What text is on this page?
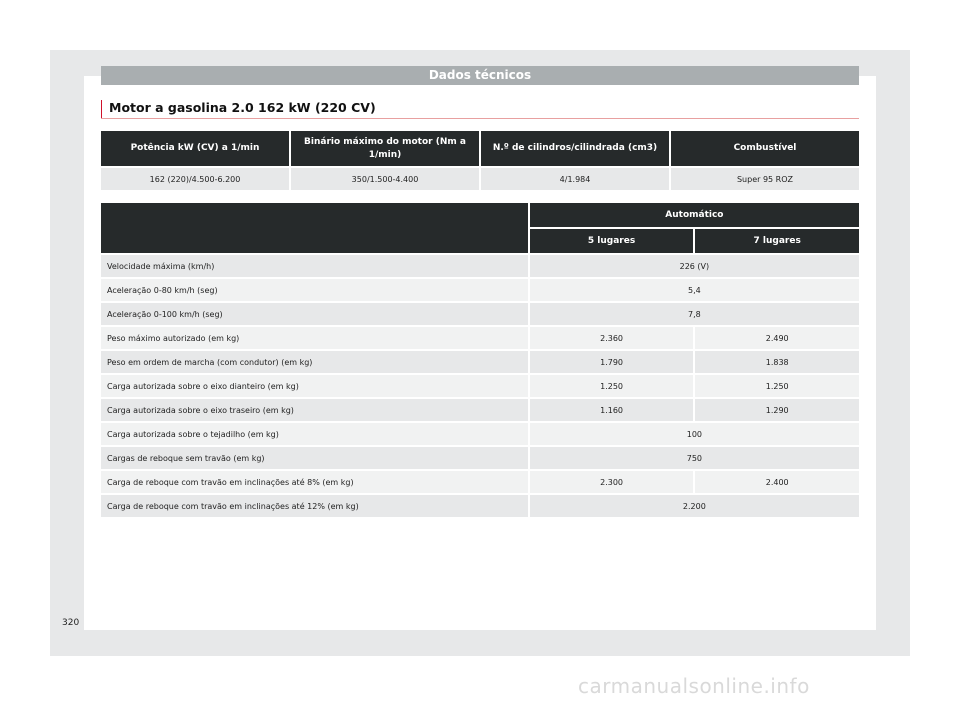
Dados técnicos
Motor a gasolina 2.0 162 kW (220 CV)
Potência kW (CV) a 1/min	Binário máximo do motor (Nm a 1/min)	N.º de cilindros/cilindrada (cm3)	Combustível
162 (220)/4.500-6.200	350/1.500-4.400	4/1.984	Super 95 ROZ
	Automático	
	5 lugares	7 lugares
Velocidade máxima (km/h)	226 (V)	
Aceleração 0-80 km/h (seg)	5,4	
Aceleração 0-100 km/h (seg)	7,8	
Peso máximo autorizado (em kg)	2.360	2.490
Peso em ordem de marcha (com condutor) (em kg)	1.790	1.838
Carga autorizada sobre o eixo dianteiro (em kg)	1.250	1.250
Carga autorizada sobre o eixo traseiro (em kg)	1.160	1.290
Carga autorizada sobre o tejadilho (em kg)	100	
Cargas de reboque sem travão (em kg)	750	
Carga de reboque com travão em inclinações até 8% (em kg)	2.300	2.400
Carga de reboque com travão em inclinações até 12% (em kg)	2.200	
320
carmanualsonline.info
